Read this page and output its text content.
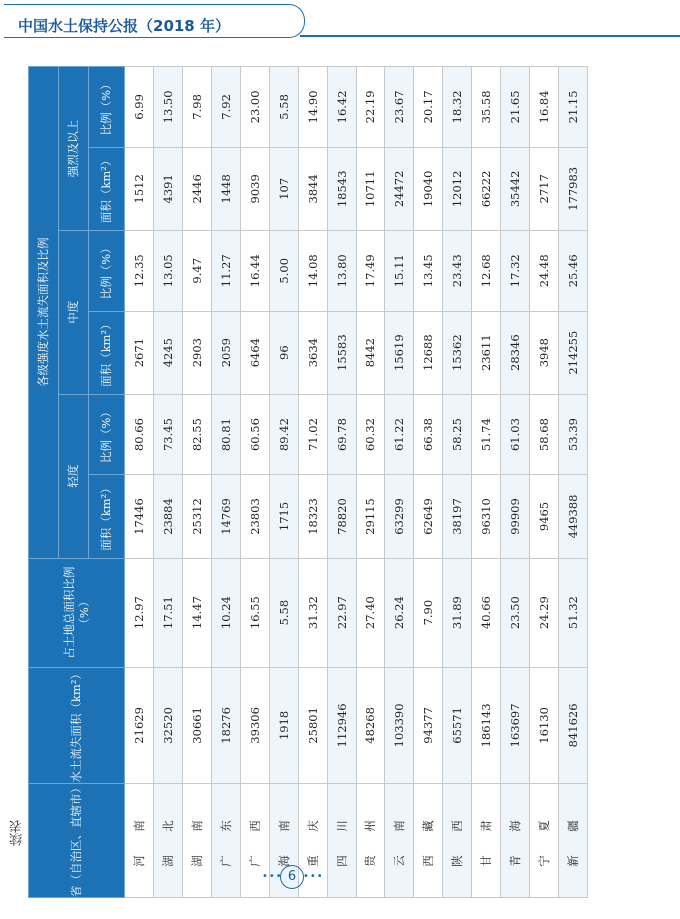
中国水土保持公报（2018 年）
续表	省（自治区、直辖市）	水土流失面积（km²）	占土地总面积比例（%）	各级强度水土流失面积及比例					
			轻度		中度		强烈及以上	
			面积（km²）	比例（%）	面积（km²）	比例（%）	面积（km²）	比例（%）
河　南	21629	12.97	17446	80.66	2671	12.35	1512	6.99
湖　北	32520	17.51	23884	73.45	4245	13.05	4391	13.50
湖　南	30661	14.47	25312	82.55	2903	9.47	2446	7.98
广　东	18276	10.24	14769	80.81	2059	11.27	1448	7.92
广　西	39306	16.55	23803	60.56	6464	16.44	9039	23.00
海　南	1918	5.58	1715	89.42	96	5.00	107	5.58
重　庆	25801	31.32	18323	71.02	3634	14.08	3844	14.90
四　川	112946	22.97	78820	69.78	15583	13.80	18543	16.42
贵　州	48268	27.40	29115	60.32	8442	17.49	10711	22.19
云　南	103390	26.24	63299	61.22	15619	15.11	24472	23.67
西　藏	94377	7.90	62649	66.38	12688	13.45	19040	20.17
陕　西	65571	31.89	38197	58.25	15362	23.43	12012	18.32
甘　肃	186143	40.66	96310	51.74	23611	12.68	66222	35.58
青　海	163697	23.50	99909	61.03	28346	17.32	35442	21.65
宁　夏	16130	24.29	9465	58.68	3948	24.48	2717	16.84
新　疆	841626	51.32	449388	53.39	214255	25.46	177983	21.15
••• 6 •••
